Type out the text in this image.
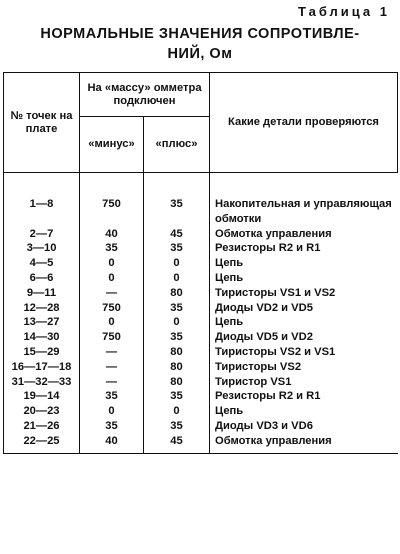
Таблица 1
НОРМАЛЬНЫЕ ЗНАЧЕНИЯ СОПРОТИВЛЕ-
НИЙ, Ом
№ точек на плате	На «массу» омметра подключен		Какие детали проверяются
	«минус»	«плюс»	

1—8	750	35	Накопительная и управляющая обмотки
2—7	40	45	Обмотка управления
3—10	35	35	Резисторы R2 и R1
4—5	0	0	Цепь
6—6	0	0	Цепь
9—11	—	80	Тиристоры VS1 и VS2
12—28	750	35	Диоды VD2 и VD5
13—27	0	0	Цепь
14—30	750	35	Диоды VD5 и VD2
15—29	—	80	Тиристоры VS2 и VS1
16—17—18	—	80	Тиристоры VS2
31—32—33	—	80	Тиристор VS1
19—14	35	35	Резисторы R2 и R1
20—23	0	0	Цепь
21—26	35	35	Диоды VD3 и VD6
22—25	40	45	Обмотка управления
